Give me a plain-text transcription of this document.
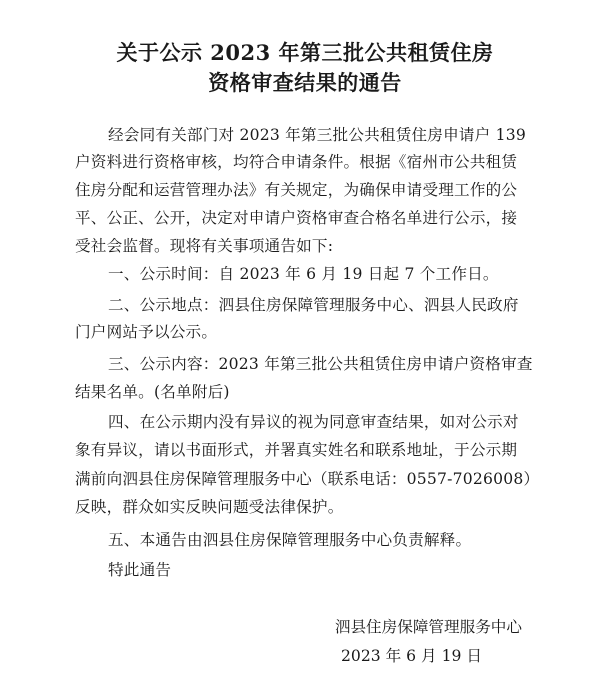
关于公示 2023 年第三批公共租赁住房
资格审查结果的通告
经会同有关部门对 2023 年第三批公共租赁住房申请户 139
户资料进行资格审核，均符合申请条件。根据《宿州市公共租赁
住房分配和运营管理办法》有关规定，为确保申请受理工作的公
平、公正、公开，决定对申请户资格审查合格名单进行公示，接
受社会监督。现将有关事项通告如下:
一、公示时间：自 2023 年 6 月 19 日起 7 个工作日。
二、公示地点：泗县住房保障管理服务中心、泗县人民政府
门户网站予以公示。
三、公示内容：2023 年第三批公共租赁住房申请户资格审查
结果名单。(名单附后)
四、在公示期内没有异议的视为同意审查结果，如对公示对
象有异议，请以书面形式，并署真实姓名和联系地址，于公示期
满前向泗县住房保障管理服务中心（联系电话：0557-7026008）
反映，群众如实反映问题受法律保护。
五、本通告由泗县住房保障管理服务中心负责解释。
特此通告
泗县住房保障管理服务中心
2023 年 6 月 19 日
